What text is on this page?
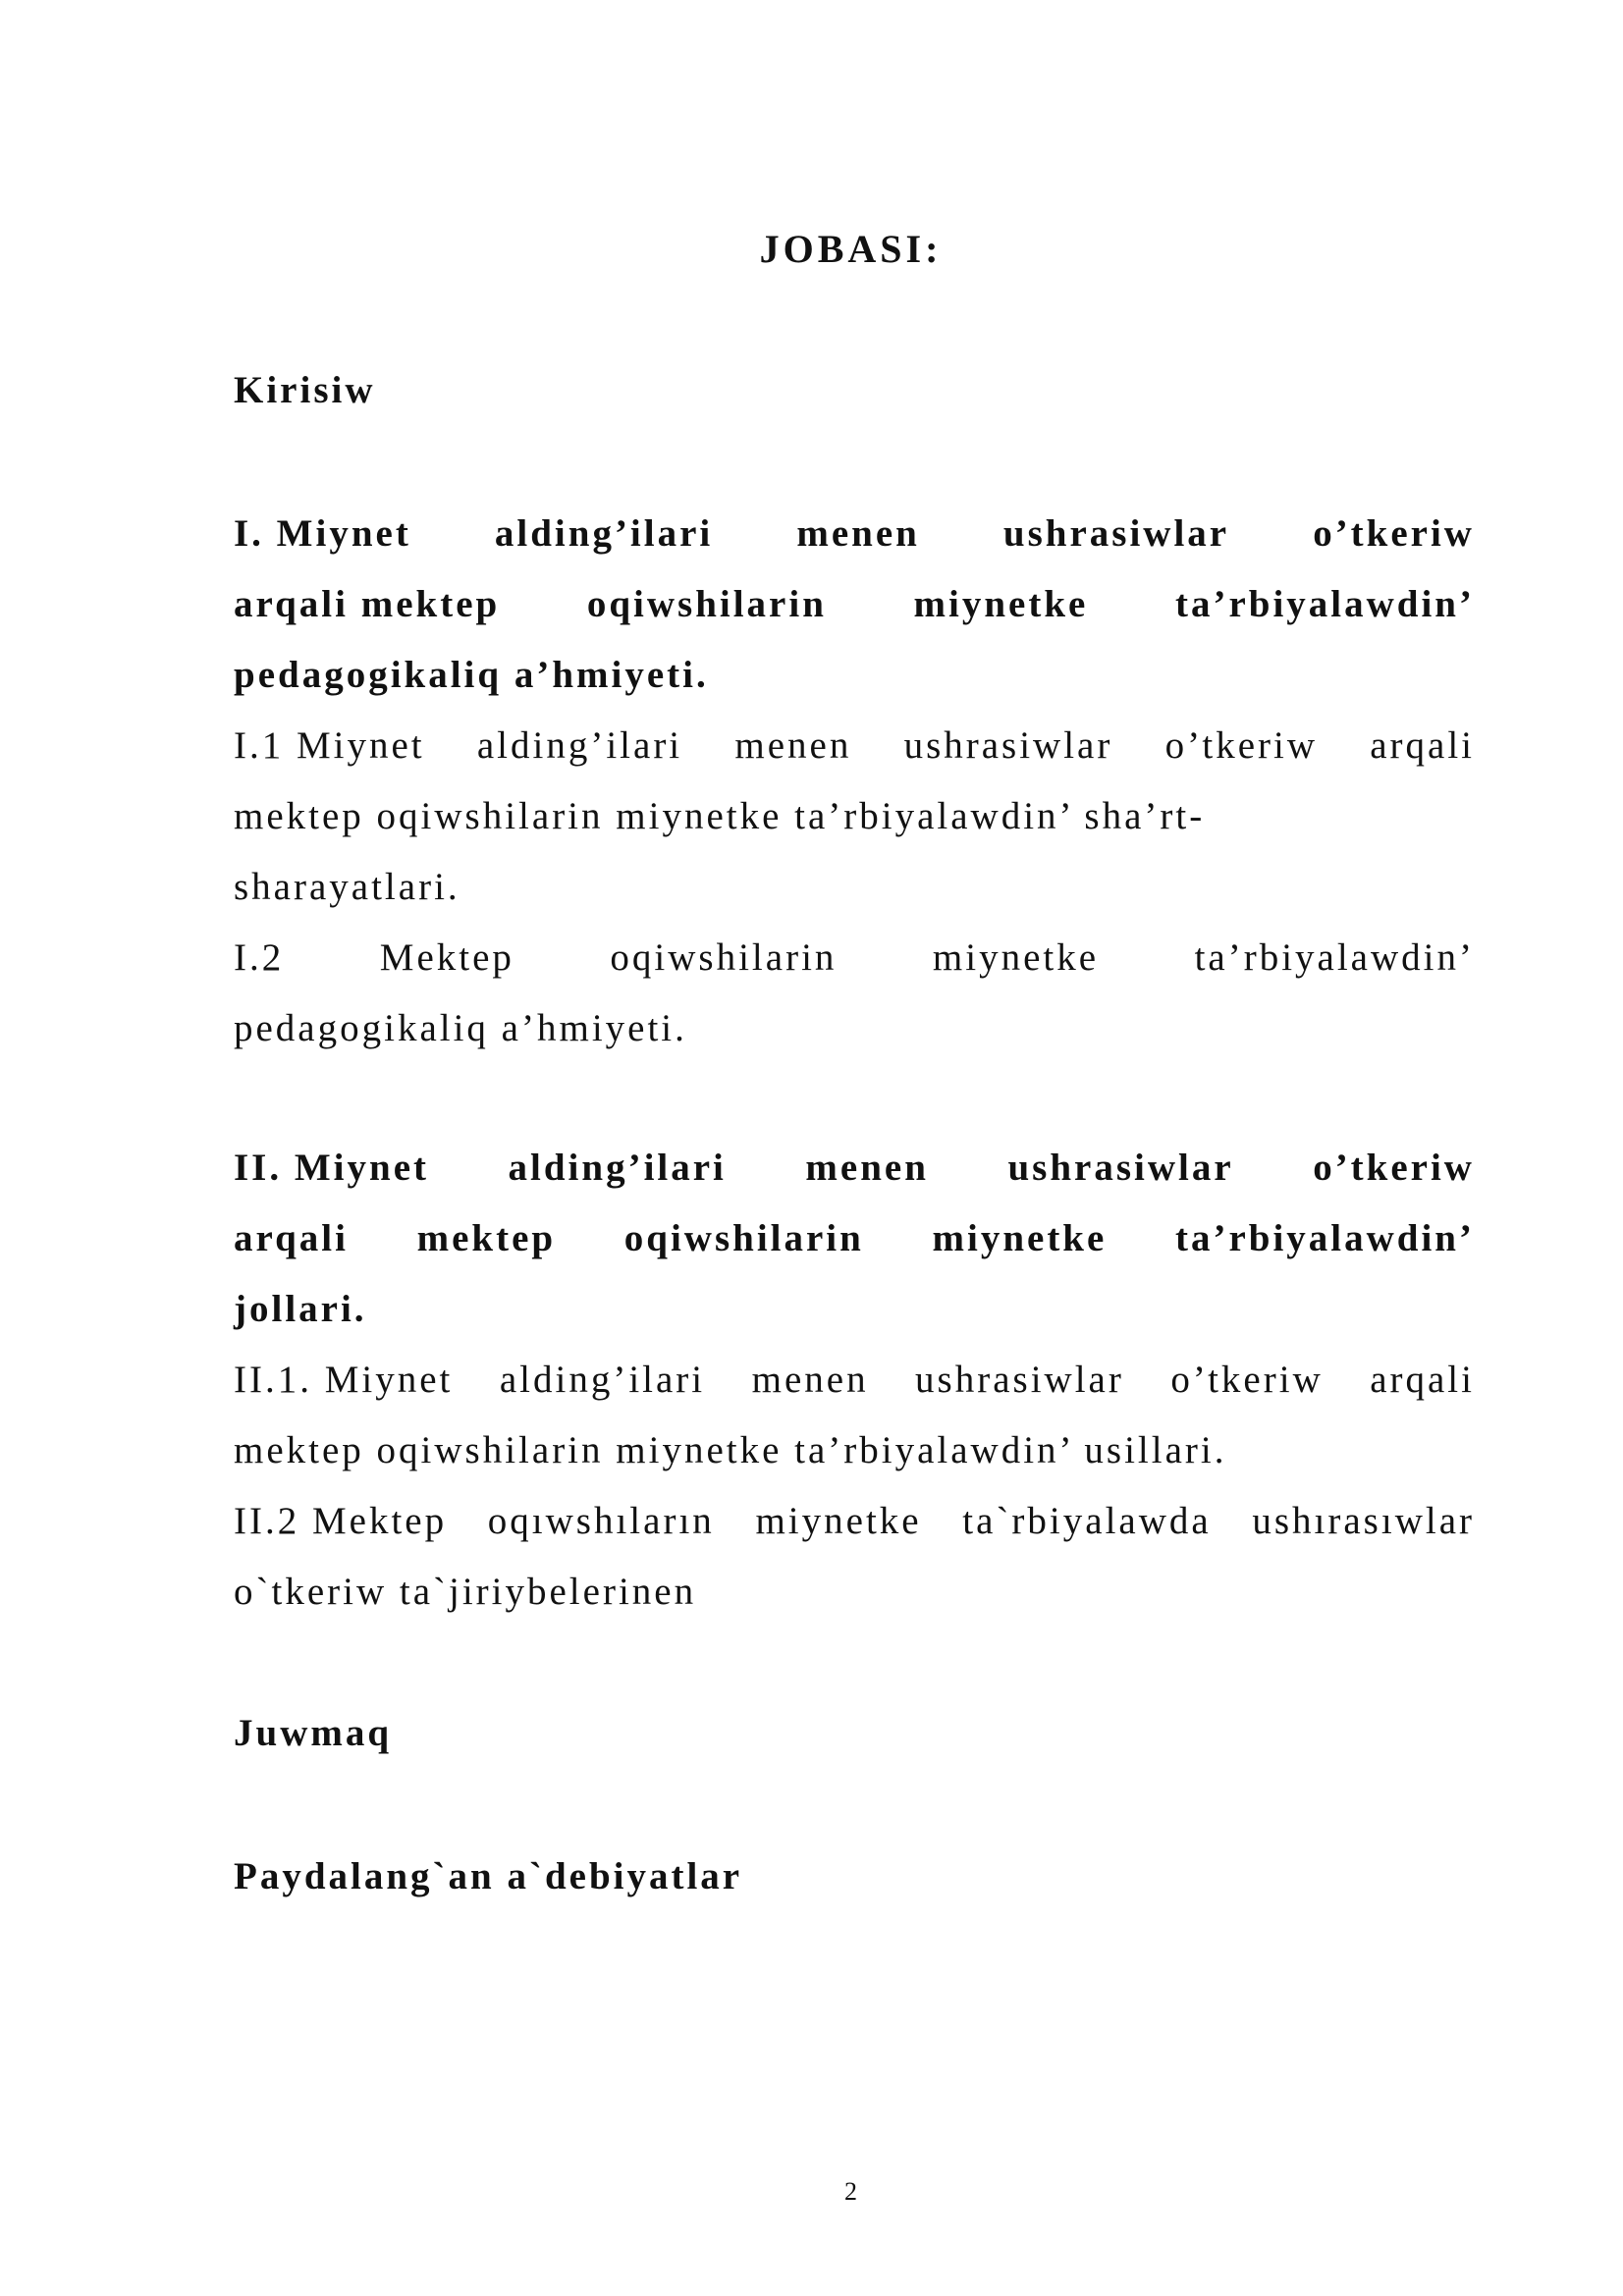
JOBASI:
Kirisiw
I. Miynet alding’ilari menen ushrasiwlar o’tkeriw
arqali mektep oqiwshilarin miynetke ta’rbiyalawdin’
pedagogikaliq a’hmiyeti.
I.1 Miynet alding’ilari menen ushrasiwlar o’tkeriw arqali
mektep oqiwshilarin miynetke ta’rbiyalawdin’ sha’rt-
sharayatlari.
I.2	Mektep	oqiwshilarin	miynetke	ta’rbiyalawdin’
pedagogikaliq a’hmiyeti.
II. Miynet alding’ilari menen ushrasiwlar o’tkeriw
arqali mektep oqiwshilarin miynetke ta’rbiyalawdin’
jollari.
II.1. Miynet alding’ilari menen ushrasiwlar o’tkeriw arqali
mektep oqiwshilarin miynetke ta’rbiyalawdin’ usillari.
II.2 Mektep oqıwshıların miynetke ta`rbiyalawda ushırasıwlar
o`tkeriw ta`jiriybelerinen
Juwmaq
Paydalang`an a`debiyatlar
2
